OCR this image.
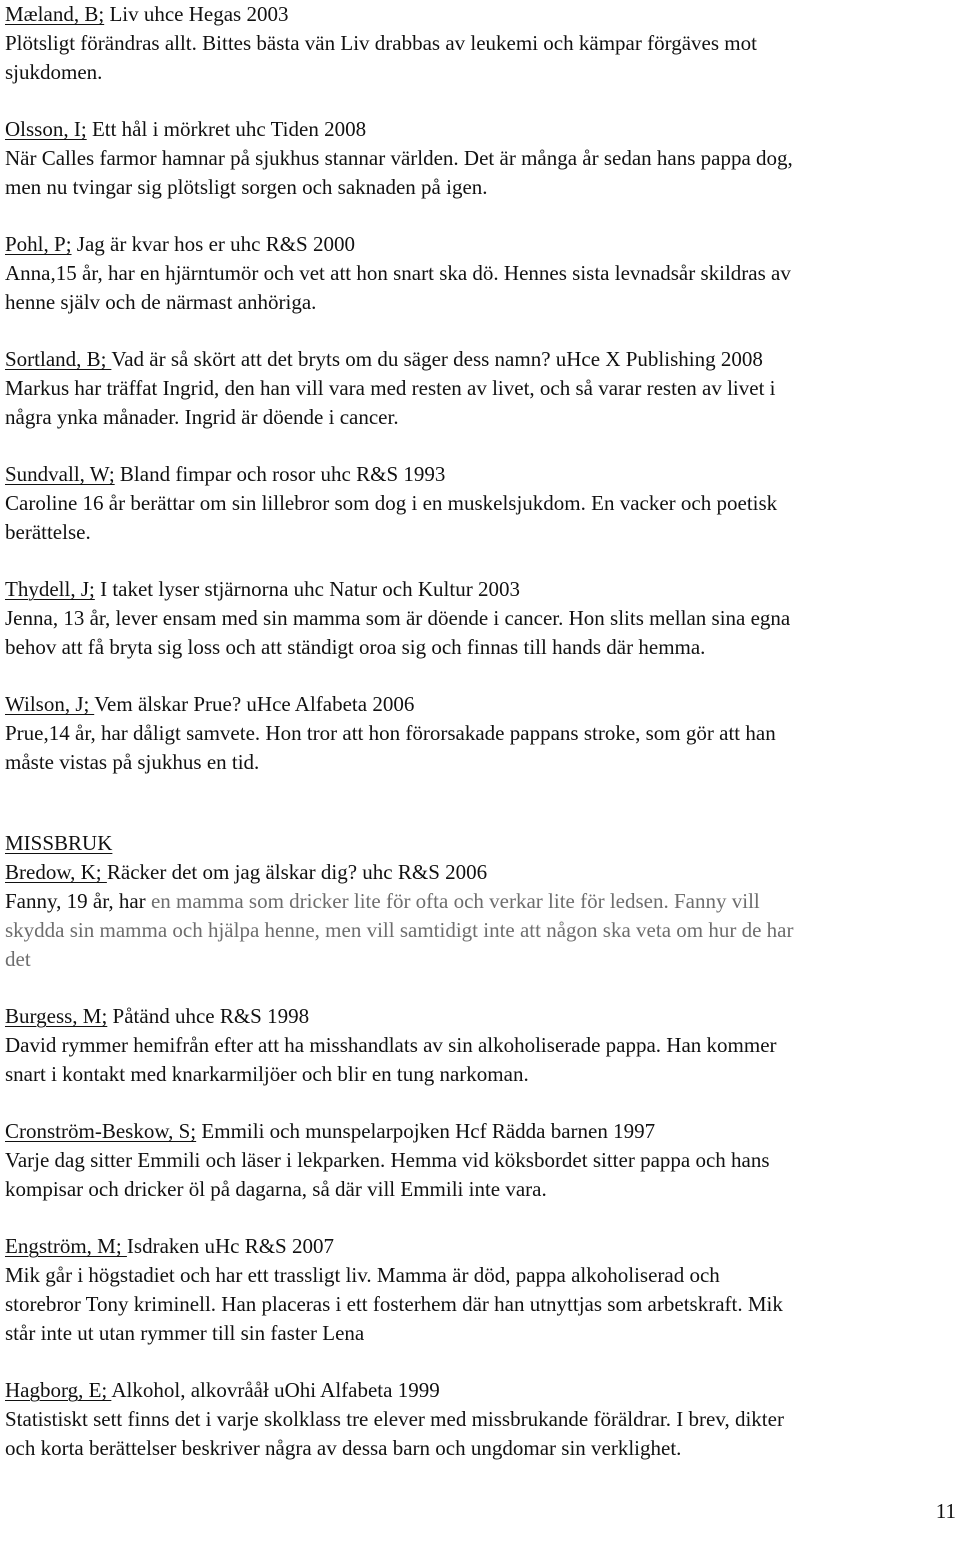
Mæland, B; Liv uhce Hegas 2003
Plötsligt förändras allt. Bittes bästa vän Liv drabbas av leukemi och kämpar förgäves mot
sjukdomen.
Olsson, I; Ett hål i mörkret uhc Tiden 2008
När Calles farmor hamnar på sjukhus stannar världen. Det är många år sedan hans pappa dog,
men nu tvingar sig plötsligt sorgen och saknaden på igen.
Pohl, P; Jag är kvar hos er uhc R&S 2000
Anna,15 år, har en hjärntumör och vet att hon snart ska dö. Hennes sista levnadsår skildras av
henne själv och de närmast anhöriga.
Sortland, B; Vad är så skört att det bryts om du säger dess namn? uHce X Publishing 2008
Markus har träffat Ingrid, den han vill vara med resten av livet, och så varar resten av livet i
några ynka månader. Ingrid är döende i cancer.
Sundvall, W; Bland fimpar och rosor uhc R&S 1993
Caroline 16 år berättar om sin lillebror som dog i en muskelsjukdom. En vacker och poetisk
berättelse.
Thydell, J; I taket lyser stjärnorna uhc Natur och Kultur 2003
Jenna, 13 år, lever ensam med sin mamma som är döende i cancer. Hon slits mellan sina egna
behov att få bryta sig loss och att ständigt oroa sig och finnas till hands där hemma.
Wilson, J; Vem älskar Prue? uHce Alfabeta 2006
Prue,14 år, har dåligt samvete. Hon tror att hon förorsakade pappans stroke, som gör att han
måste vistas på sjukhus en tid.
MISSBRUK
Bredow, K; Räcker det om jag älskar dig? uhc R&S 2006
Fanny, 19 år, har en mamma som dricker lite för ofta och verkar lite för ledsen. Fanny vill
skydda sin mamma och hjälpa henne, men vill samtidigt inte att någon ska veta om hur de har
det
Burgess, M; Påtänd uhce R&S 1998
David rymmer hemifrån efter att ha misshandlats av sin alkoholiserade pappa. Han kommer
snart i kontakt med knarkarmiljöer och blir en tung narkoman.
Cronström-Beskow, S; Emmili och munspelarpojken Hcf Rädda barnen 1997
Varje dag sitter Emmili och läser i lekparken. Hemma vid köksbordet sitter pappa och hans
kompisar och dricker öl på dagarna, så där vill Emmili inte vara.
Engström, M; Isdraken uHc R&S 2007
Mik går i högstadiet och har ett trassligt liv. Mamma är död, pappa alkoholiserad och
storebror Tony kriminell. Han placeras i ett fosterhem där han utnyttjas som arbetskraft. Mik
står inte ut utan rymmer till sin faster Lena
Hagborg, E; Alkohol, alkovrååł uOhi Alfabeta 1999
Statistiskt sett finns det i varje skolklass tre elever med missbrukande föräldrar. I brev, dikter
och korta berättelser beskriver några av dessa barn och ungdomar sin verklighet.
11
